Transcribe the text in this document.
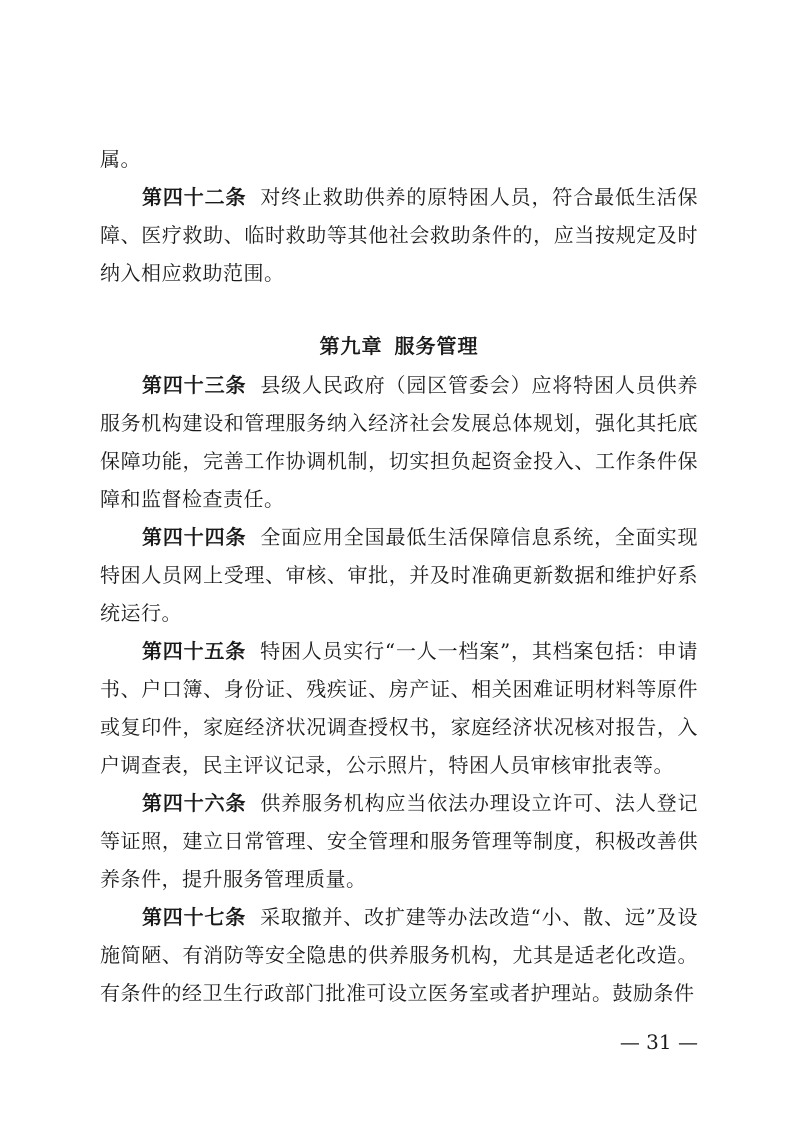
属。
第四十二条 对终止救助供养的原特困人员，符合最低生活保障、医疗救助、临时救助等其他社会救助条件的，应当按规定及时纳入相应救助范围。
第九章 服务管理
第四十三条 县级人民政府（园区管委会）应将特困人员供养服务机构建设和管理服务纳入经济社会发展总体规划，强化其托底保障功能，完善工作协调机制，切实担负起资金投入、工作条件保障和监督检查责任。
第四十四条 全面应用全国最低生活保障信息系统，全面实现特困人员网上受理、审核、审批，并及时准确更新数据和维护好系统运行。
第四十五条 特困人员实行“一人一档案”，其档案包括：申请书、户口簿、身份证、残疾证、房产证、相关困难证明材料等原件或复印件，家庭经济状况调查授权书，家庭经济状况核对报告，入户调查表，民主评议记录，公示照片，特困人员审核审批表等。
第四十六条 供养服务机构应当依法办理设立许可、法人登记等证照，建立日常管理、安全管理和服务管理等制度，积极改善供养条件，提升服务管理质量。
第四十七条 采取撤并、改扩建等办法改造“小、散、远”及设施简陋、有消防等安全隐患的供养服务机构，尤其是适老化改造。有条件的经卫生行政部门批准可设立医务室或者护理站。鼓励条件
— 31 —
